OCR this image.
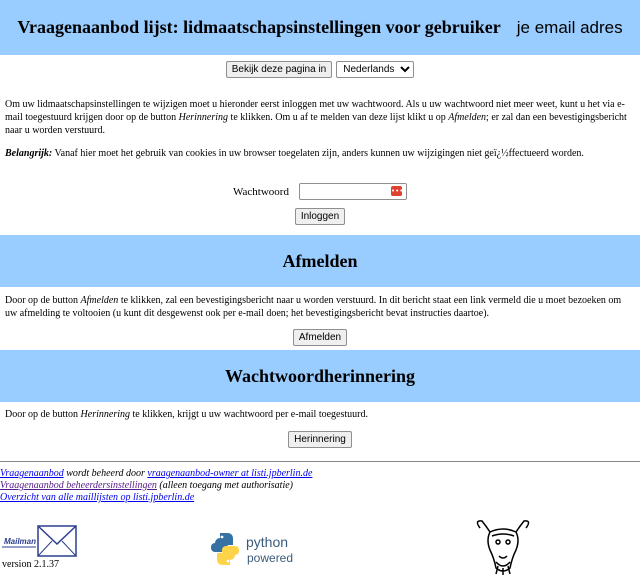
Vraagenaanbod lijst: lidmaatschapsinstellingen voor gebruiker je email adres
Bekijk deze pagina in
Nederlands

Om uw lidmaatschapsinstellingen te wijzigen moet u hieronder eerst inloggen met uw wachtwoord. Als u uw wachtwoord niet meer weet, kunt u het via e-mail toegestuurd krijgen door op de button Herinnering te klikken. Om u af te melden van deze lijst klikt u op Afmelden; er zal dan een bevestigingsbericht naar u worden verstuurd.

Belangrijk: Vanaf hier moet het gebruik van cookies in uw browser toegelaten zijn, anders kunnen uw wijzigingen niet geï¿½ffectueerd worden.

Wachtwoord	•••
Inloggen
Afmelden

Door op de button Afmelden te klikken, zal een bevestigingsbericht naar u worden verstuurd. In dit bericht staat een link vermeld die u moet bezoeken om uw afmelding te voltooien (u kunt dit desgewenst ook per e-mail doen; het bevestigingsbericht bevat instructies daartoe).

Afmelden
Wachtwoordherinnering

Door op de button Herinnering te klikken, krijgt u uw wachtwoord per e-mail toegestuurd.

Herinnering
Vraagenaanbod wordt beheerd door vraagenaanbod-owner at listi.jpberlin.de
Vraagenaanbod beheerdersinstellingen (alleen toegang met authorisatie)
Overzicht van alle maillijsten op listi.jpberlin.de
Mailman
version 2.1.37
python
powered
